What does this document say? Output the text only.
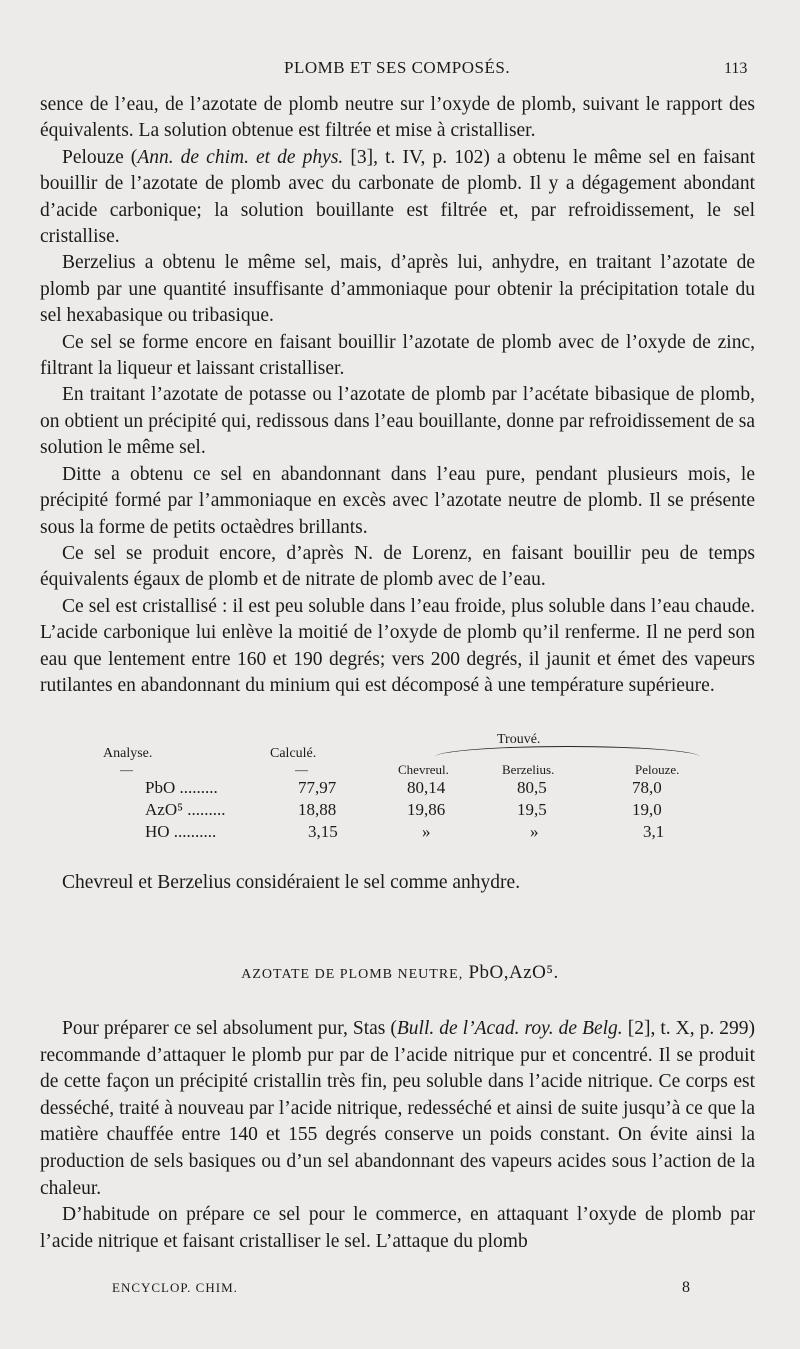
PLOMB ET SES COMPOSÉS.	113

sence de l’eau, de l’azotate de plomb neutre sur l’oxyde de plomb, suivant le rapport des équivalents. La solution obtenue est filtrée et mise à cristalliser.

Pelouze (Ann. de chim. et de phys. [3], t. IV, p. 102) a obtenu le même sel en faisant bouillir de l’azotate de plomb avec du carbonate de plomb. Il y a dégagement abondant d’acide carbonique; la solution bouillante est filtrée et, par refroidissement, le sel cristallise.

Berzelius a obtenu le même sel, mais, d’après lui, anhydre, en traitant l’azotate de plomb par une quantité insuffisante d’ammoniaque pour obtenir la précipitation totale du sel hexabasique ou tribasique.

Ce sel se forme encore en faisant bouillir l’azotate de plomb avec de l’oxyde de zinc, filtrant la liqueur et laissant cristalliser.

En traitant l’azotate de potasse ou l’azotate de plomb par l’acétate bibasique de plomb, on obtient un précipité qui, redissous dans l’eau bouillante, donne par refroidissement de sa solution le même sel.

Ditte a obtenu ce sel en abandonnant dans l’eau pure, pendant plusieurs mois, le précipité formé par l’ammoniaque en excès avec l’azotate neutre de plomb. Il se présente sous la forme de petits octaèdres brillants.

Ce sel se produit encore, d’après N. de Lorenz, en faisant bouillir peu de temps équivalents égaux de plomb et de nitrate de plomb avec de l’eau.

Ce sel est cristallisé : il est peu soluble dans l’eau froide, plus soluble dans l’eau chaude. L’acide carbonique lui enlève la moitié de l’oxyde de plomb qu’il renferme. Il ne perd son eau que lentement entre 160 et 190 degrés; vers 200 degrés, il jaunit et émet des vapeurs rutilantes en abandonnant du minium qui est décomposé à une température supérieure.

Trouvé.
Analyse.	Calculé.
—	—	Chevreul.	Berzelius.	Pelouze.
PbO .........	77,97	80,14	80,5	78,0
AzO⁵ .........	18,88	19,86	19,5	19,0
HO ..........	3,15	»	»	3,1

Chevreul et Berzelius considéraient le sel comme anhydre.

AZOTATE DE PLOMB NEUTRE, PbO,AzO⁵.

Pour préparer ce sel absolument pur, Stas (Bull. de l’Acad. roy. de Belg. [2], t. X, p. 299) recommande d’attaquer le plomb pur par de l’acide nitrique pur et concentré. Il se produit de cette façon un précipité cristallin très fin, peu soluble dans l’acide nitrique. Ce corps est desséché, traité à nouveau par l’acide nitrique, redesséché et ainsi de suite jusqu’à ce que la matière chauffée entre 140 et 155 degrés conserve un poids constant. On évite ainsi la production de sels basiques ou d’un sel abandonnant des vapeurs acides sous l’action de la chaleur.

D’habitude on prépare ce sel pour le commerce, en attaquant l’oxyde de plomb par l’acide nitrique et faisant cristalliser le sel. L’attaque du plomb

ENCYCLOP. CHIM.	8
